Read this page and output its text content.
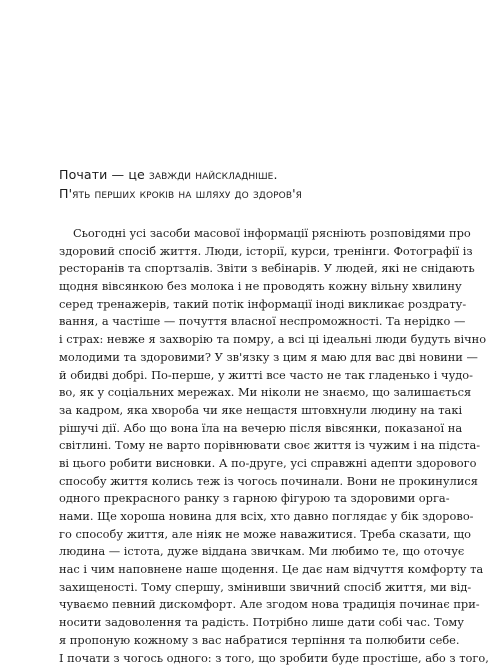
Почати — це завжди найскладніше.
П'ять перших кроків на шляху до здоров'я
Сьогодні усі засоби масової інформації рясніють розповідями про
здоровий спосіб життя. Люди, історії, курси, тренінги. Фотографії із
ресторанів та спортзалів. Звіти з вебінарів. У людей, які не снідають
щодня вівсянкою без молока і не проводять кожну вільну хвилину
серед тренажерів, такий потік інформації іноді викликає роздрату-
вання, а частіше — почуття власної неспроможності. Та нерідко —
і страх: невже я захворію та помру, а всі ці ідеальні люди будуть вічно
молодими та здоровими? У зв'язку з цим я маю для вас дві новини —
й обидві добрі. По-перше, у житті все часто не так гладенько і чудо-
во, як у соціальних мережах. Ми ніколи не знаємо, що залишається
за кадром, яка хвороба чи яке нещастя штовхнули людину на такі
рішучі дії. Або що вона їла на вечерю після вівсянки, показаної на
світлині. Тому не варто порівнювати своє життя із чужим і на підста-
ві цього робити висновки. А по-друге, усі справжні адепти здорового
способу життя колись теж із чогось починали. Вони не прокинулися
одного прекрасного ранку з гарною фігурою та здоровими орга-
нами. Ще хороша новина для всіх, хто давно поглядає у бік здорово-
го способу життя, але ніяк не може наважитися. Треба сказати, що
людина — істота, дуже віддана звичкам. Ми любимо те, що оточує
нас і чим наповнене наше щодення. Це дає нам відчуття комфорту та
захищеності. Тому спершу, змінивши звичний спосіб життя, ми від-
чуваємо певний дискомфорт. Але згодом нова традиція починає при-
носити задоволення та радість. Потрібно лише дати собі час. Тому
я пропоную кожному з вас набратися терпіння та полюбити себе.
І почати з чогось одного: з того, що зробити буде простіше, або з того,
